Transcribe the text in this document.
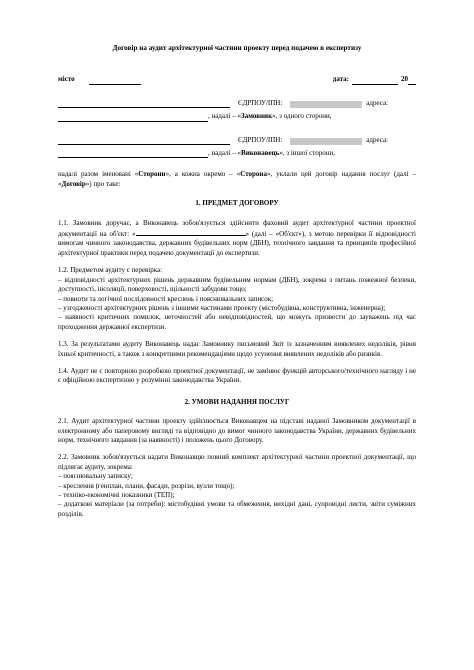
Договір на аудит архітектурної частини проекту перед подачею в експертизу
місто	дата:	20
ЄДРПОУ/ІПН:	адреса:
, надалі – « Замовник », з одного сторони,
ЄДРПОУ/ІПН:	адреса:
, надалі – « Виконавець », з іншої сторони,
надалі разом іменовані «Сторони», а кожна окремо – «Сторона», уклали цей договір надання послуг (далі – «Договір») про таке:
1. ПРЕДМЕТ ДОГОВОРУ
1.1. Замовник доручає, а Виконавець зобов'язується здійснити фаховий аудит архітектурної частини проектної документації на об'єкт: «	» (далі – «Об'єкт»), з метою перевірки її відповідності вимогам чинного законодавства, державних будівельних норм (ДБН), технічного завдання та принципів професійної архітектурної практики перед подачею документації до експертизи.
1.2. Предметом аудиту є перевірка:
– відповідності архітектурних рішень державним будівельним нормам (ДБН), зокрема з питань пожежної безпеки, доступності, інсоляції, поверховості, щільності забудови тощо;
– повноти та логічної послідовності креслень і пояснювальних записок;
– узгодженості архітектурних рішень з іншими частинами проекту (містобудівна, конструктивна, інженерна);
– наявності критичних помилок, неточностей або невідповідностей, що можуть призвести до зауважень під час проходження державної експертизи.
1.3. За результатами аудиту Виконавець надає Замовнику письмовий Звіт із зазначенням виявлених недоліків, рівня їхньої критичності, а також з конкретними рекомендаціями щодо усунення виявлених недоліків або ризиків.
1.4. Аудит не є повторною розробкою проектної документації, не замінює функцій авторського/технічного нагляду і не є офіційною експертизою у розумінні законодавства України.
2. УМОВИ НАДАННЯ ПОСЛУГ
2.1. Аудит архітектурної частини проекту здійснюється Виконавцем на підставі наданої Замовником документації в електронному або паперовому вигляді та відповідно до вимог чинного законодавства України, державних будівельних норм, технічного завдання (за наявності) і положень цього Договору.
2.2. Замовник зобов'язується надати Виконавцю повний комплект архітектурної частини проектної документації, що підлягає аудиту, зокрема:
– пояснювальну записку;
– креслення (генплан, плани, фасади, розрізи, вузли тощо);
– техніко-економічні показники (ТЕП);
– додаткові матеріали (за потреби): містобудівні умови та обмеження, вихідні дані, супровідні листи, звіти суміжних розділів.
